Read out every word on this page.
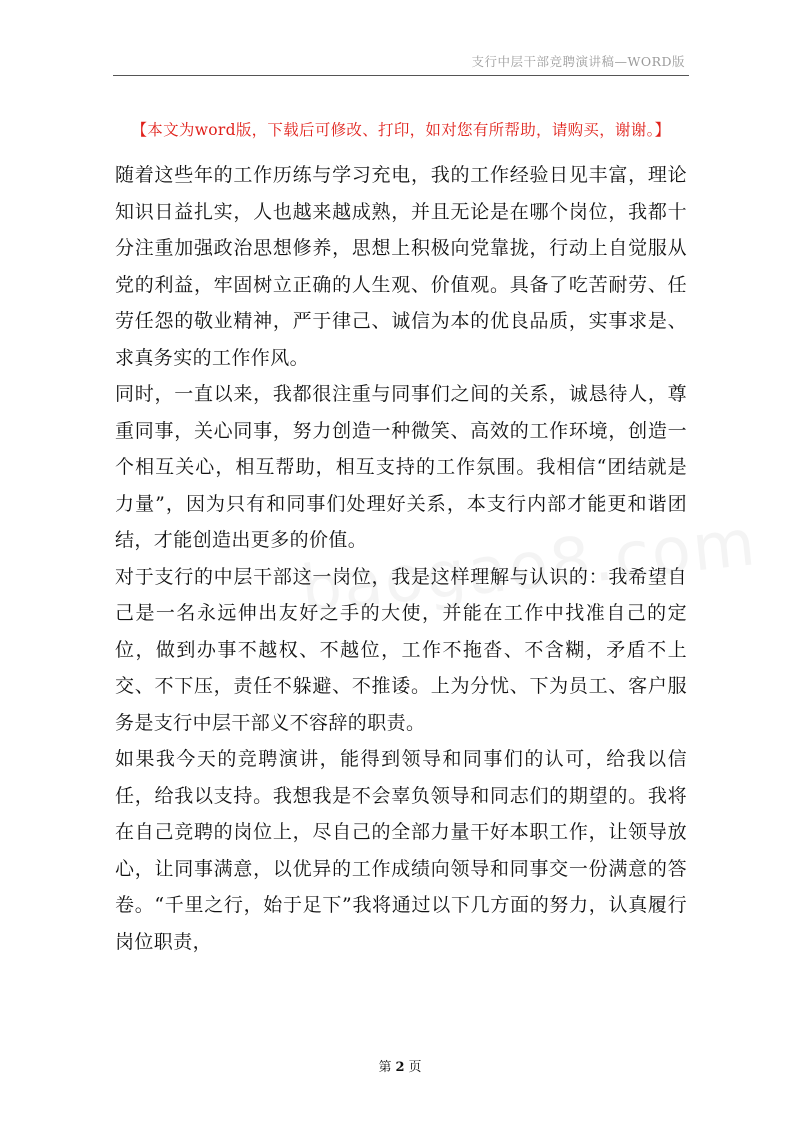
支行中层干部竞聘演讲稿—WORD版
【本文为word版，下载后可修改、打印，如对您有所帮助，请购买，谢谢。】

随着这些年的工作历练与学习充电，我的工作经验日见丰富，理论知识日益扎实，人也越来越成熟，并且无论是在哪个岗位，我都十分注重加强政治思想修养，思想上积极向党靠拢，行动上自觉服从党的利益，牢固树立正确的人生观、价值观。具备了吃苦耐劳、任劳任怨的敬业精神，严于律己、诚信为本的优良品质，实事求是、求真务实的工作作风。

同时，一直以来，我都很注重与同事们之间的关系，诚恳待人，尊重同事，关心同事，努力创造一种微笑、高效的工作环境，创造一个相互关心，相互帮助，相互支持的工作氛围。我相信“团结就是力量”，因为只有和同事们处理好关系，本支行内部才能更和谐团结，才能创造出更多的价值。

对于支行的中层干部这一岗位，我是这样理解与认识的：我希望自己是一名永远伸出友好之手的大使，并能在工作中找准自己的定位，做到办事不越权、不越位，工作不拖沓、不含糊，矛盾不上交、不下压，责任不躲避、不推诿。上为分忧、下为员工、客户服务是支行中层干部义不容辞的职责。

如果我今天的竞聘演讲，能得到领导和同事们的认可，给我以信任，给我以支持。我想我是不会辜负领导和同志们的期望的。我将在自己竞聘的岗位上，尽自己的全部力量干好本职工作，让领导放心，让同事满意，以优异的工作成绩向领导和同事交一份满意的答卷。“千里之行，始于足下”我将通过以下几方面的努力，认真履行岗位职责，

第 2 页
